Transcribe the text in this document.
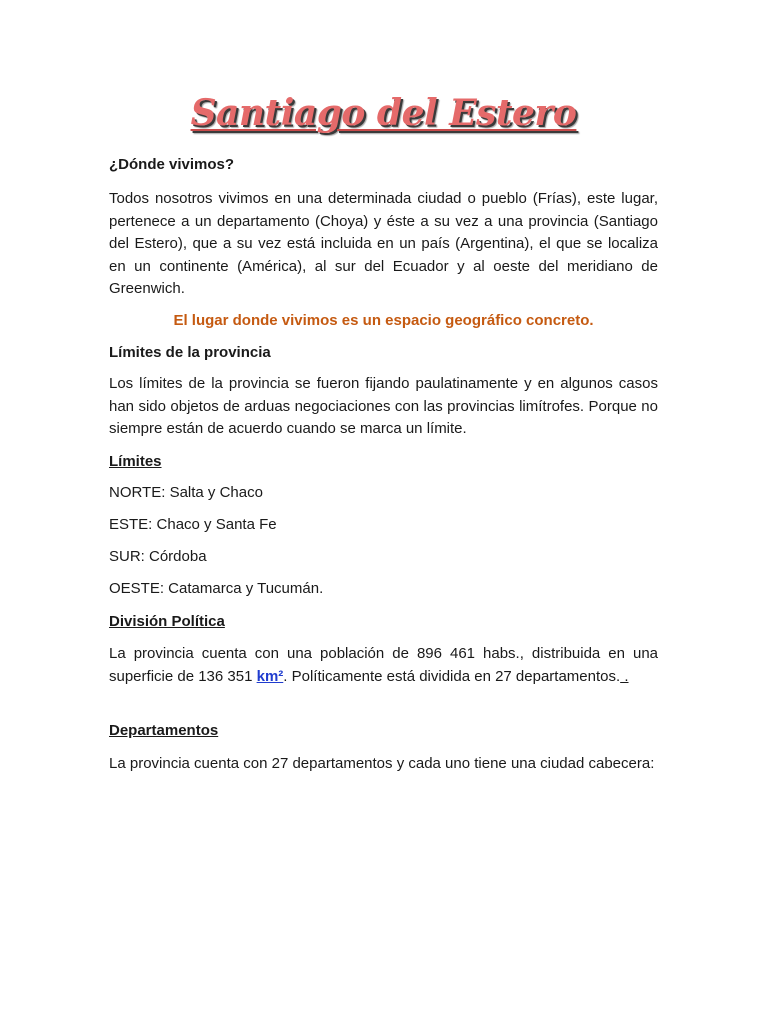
Santiago del Estero
¿Dónde vivimos?
Todos nosotros vivimos en una determinada ciudad o pueblo (Frías), este lugar, pertenece a un departamento (Choya) y éste a su vez a una provincia (Santiago del Estero), que a su vez está incluida en un país (Argentina), el que se localiza en un continente (América), al sur del Ecuador y al oeste del meridiano de Greenwich.
El lugar donde vivimos es un espacio geográfico concreto.
Límites de la provincia
Los límites de la provincia se fueron fijando paulatinamente y en algunos casos han sido objetos de arduas negociaciones con las provincias limítrofes. Porque no siempre están de acuerdo cuando se marca un límite.
Límites
NORTE: Salta y Chaco
ESTE: Chaco y Santa Fe
SUR: Córdoba
OESTE: Catamarca y Tucumán.
División Política
La provincia cuenta con una población de 896 461 habs., distribuida en una superficie de 136 351 km². Políticamente está dividida en 27 departamentos. .
Departamentos
La provincia cuenta con 27 departamentos y cada uno tiene una ciudad cabecera:
